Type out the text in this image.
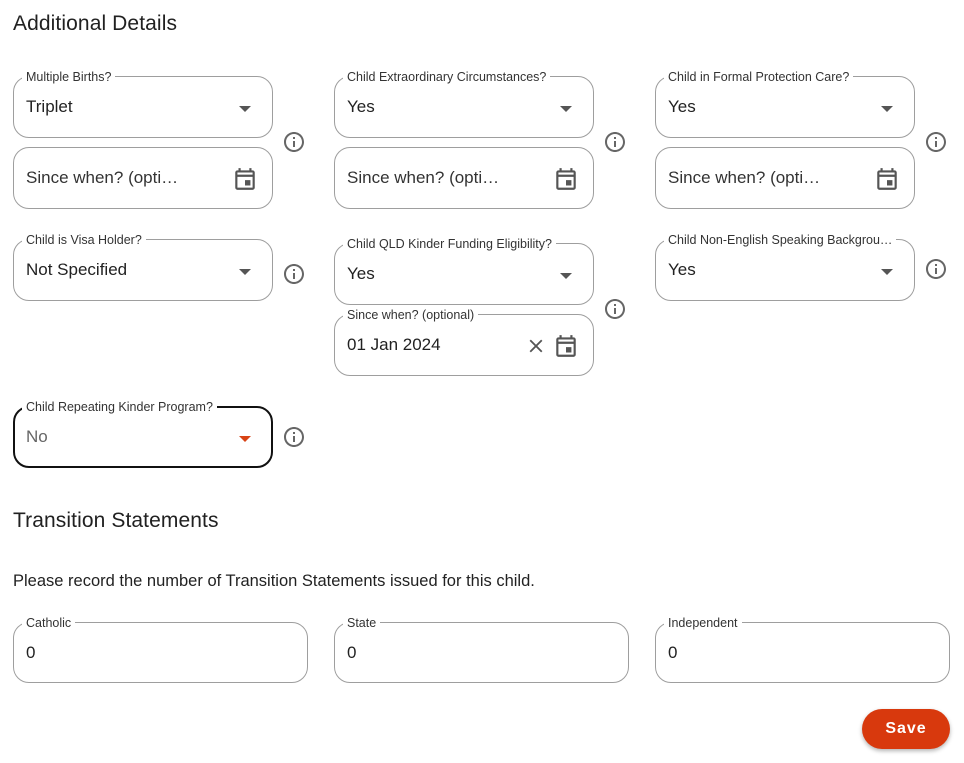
Additional Details
Multiple Births?
Triplet
Since when? (opti…
Child is Visa Holder?
Not Specified
Child Repeating Kinder Program?
No
Child Extraordinary Circumstances?
Yes
Since when? (opti…
Child QLD Kinder Funding Eligibility?
Yes
Since when? (optional)
01 Jan 2024
Child in Formal Protection Care?
Yes
Since when? (opti…
Child Non-English Speaking Backgrou…
Yes
Transition Statements
Please record the number of Transition Statements issued for this child.
Catholic
0
State
0
Independent
0
Save
